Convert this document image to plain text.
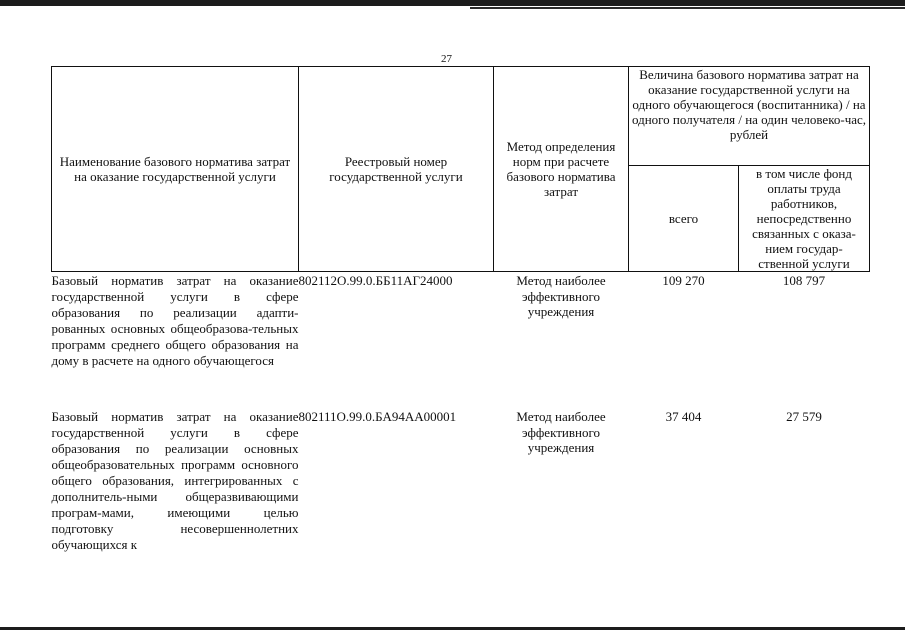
27
Наименование базового норматива затрат на оказание государственной услуги	Реестровый номер государственной услуги	Метод определения норм при расчете базового норматива затрат	Величина базового норматива затрат на оказание государственной услуги на одного обучающегося (воспитанника) / на одного получателя / на один человеко-час, рублей	
			всего	в том числе фонд оплаты труда работников, непосредственно связанных с оказа-нием государ-ственной услуги
Базовый норматив затрат на оказание государственной услуги в сфере образования по реализации адапти-рованных основных общеобразова-тельных программ среднего общего образования на дому в расчете на одного обучающегося	802112О.99.0.ББ11АГ24000	Метод наиболее эффективного учреждения	109 270	108 797
Базовый норматив затрат на оказание государственной услуги в сфере образования по реализации основных общеобразовательных программ основного общего образования, интегрированных с дополнитель-ными общеразвивающими програм-мами, имеющими целью подготовку несовершеннолетних обучающихся к	802111О.99.0.БА94АА00001	Метод наиболее эффективного учреждения	37 404	27 579
